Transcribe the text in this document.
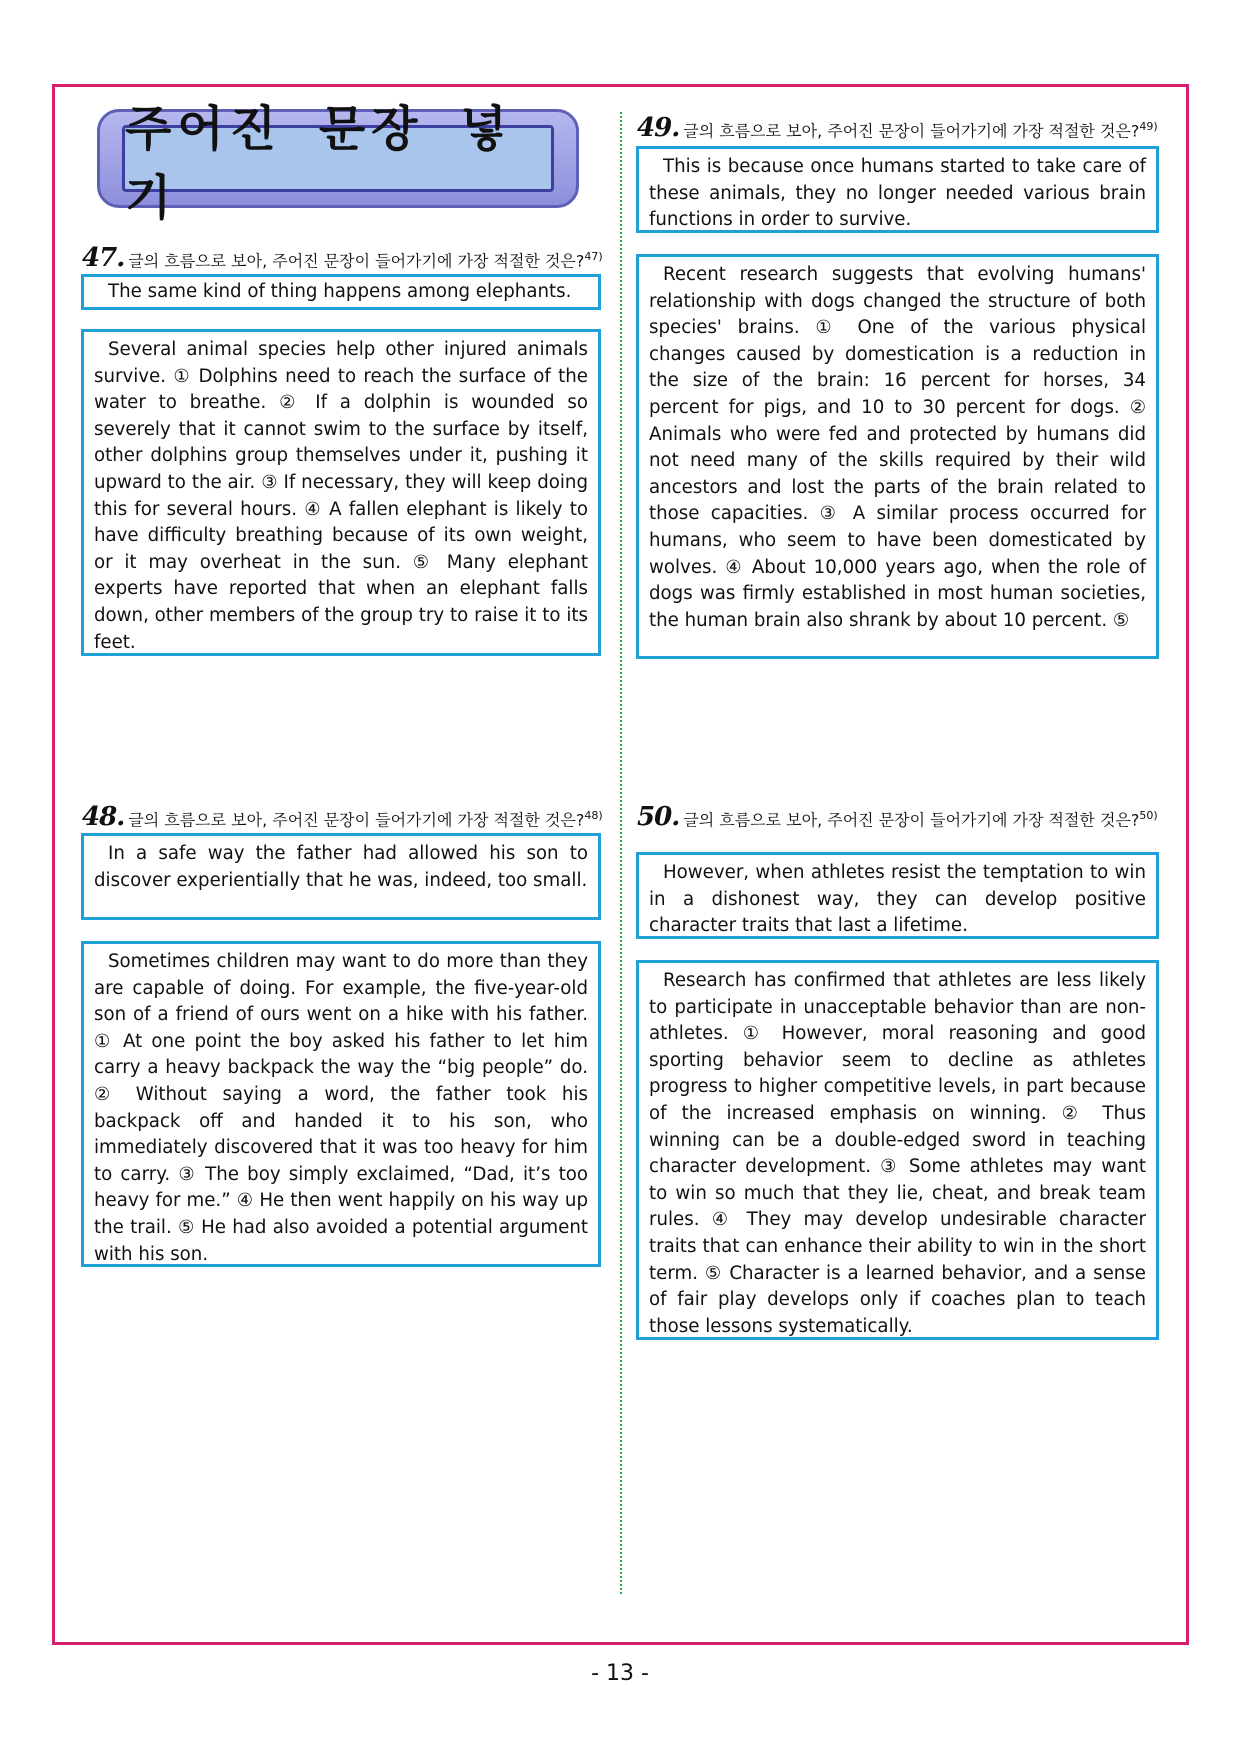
주어진 문장 넣기
47. 글의 흐름으로 보아, 주어진 문장이 들어가기에 가장 적절한 것은?$^{47)}$

The same kind of thing happens among elephants.

Several animal species help other injured animals survive. ① Dolphins need to reach the surface of the water to breathe. ② If a dolphin is wounded so severely that it cannot swim to the surface by itself, other dolphins group themselves under it, pushing it upward to the air. ③ If necessary, they will keep doing this for several hours. ④ A fallen elephant is likely to have difficulty breathing because of its own weight, or it may overheat in the sun. ⑤ Many elephant experts have reported that when an elephant falls down, other members of the group try to raise it to its feet.

48. 글의 흐름으로 보아, 주어진 문장이 들어가기에 가장 적절한 것은?$^{48)}$

In a safe way the father had allowed his son to discover experientially that he was, indeed, too small.

Sometimes children may want to do more than they are capable of doing. For example, the five-year-old son of a friend of ours went on a hike with his father. ① At one point the boy asked his father to let him carry a heavy backpack the way the “big people” do. ② Without saying a word, the father took his backpack off and handed it to his son, who immediately discovered that it was too heavy for him to carry. ③ The boy simply exclaimed, “Dad, it’s too heavy for me.” ④ He then went happily on his way up the trail. ⑤ He had also avoided a potential argument with his son.

49. 글의 흐름으로 보아, 주어진 문장이 들어가기에 가장 적절한 것은?$^{49)}$

This is because once humans started to take care of these animals, they no longer needed various brain functions in order to survive.

Recent research suggests that evolving humans' relationship with dogs changed the structure of both species' brains. ① One of the various physical changes caused by domestication is a reduction in the size of the brain: 16 percent for horses, 34 percent for pigs, and 10 to 30 percent for dogs. ② Animals who were fed and protected by humans did not need many of the skills required by their wild ancestors and lost the parts of the brain related to those capacities. ③ A similar process occurred for humans, who seem to have been domesticated by wolves. ④ About 10,000 years ago, when the role of dogs was firmly established in most human societies, the human brain also shrank by about 10 percent. ⑤

50. 글의 흐름으로 보아, 주어진 문장이 들어가기에 가장 적절한 것은?$^{50)}$

However, when athletes resist the temptation to win in a dishonest way, they can develop positive character traits that last a lifetime.

Research has confirmed that athletes are less likely to participate in unacceptable behavior than are non-athletes. ① However, moral reasoning and good sporting behavior seem to decline as athletes progress to higher competitive levels, in part because of the increased emphasis on winning. ② Thus winning can be a double-edged sword in teaching character development. ③ Some athletes may want to win so much that they lie, cheat, and break team rules. ④ They may develop undesirable character traits that can enhance their ability to win in the short term. ⑤ Character is a learned behavior, and a sense of fair play develops only if coaches plan to teach those lessons systematically.

- 13 -
